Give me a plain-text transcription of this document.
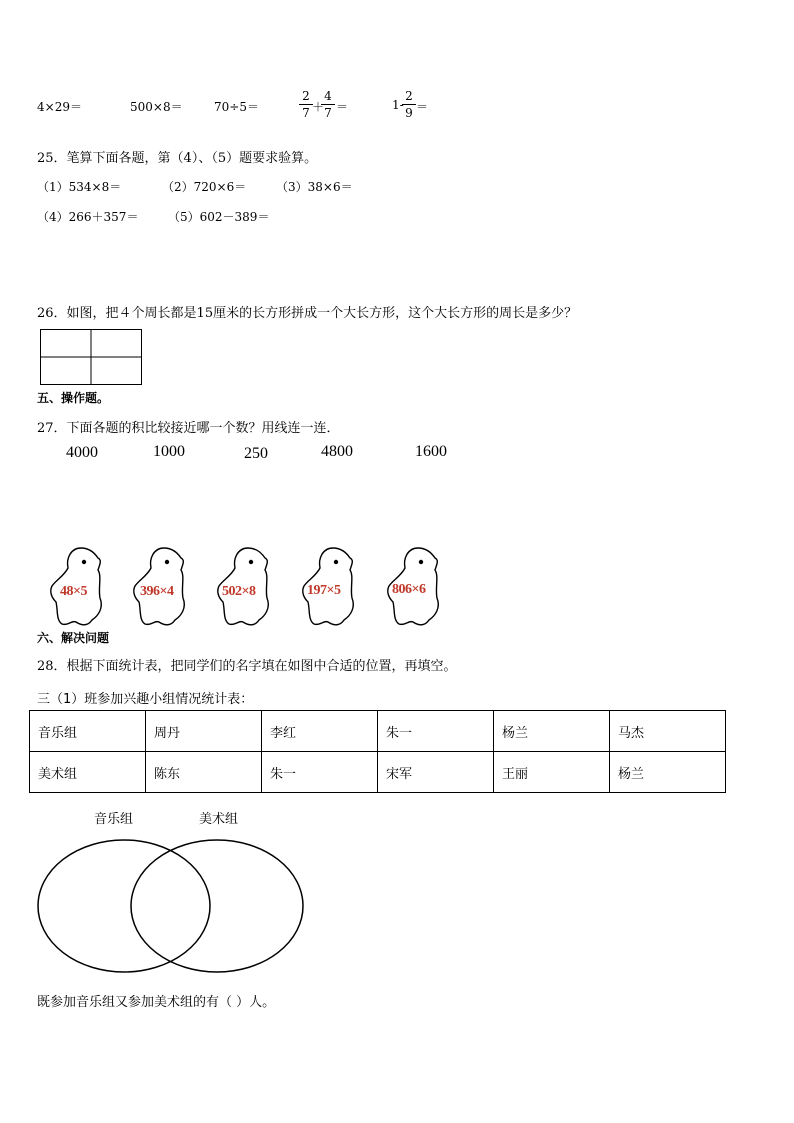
4×29＝	500×8＝	70÷5＝
2
7 ＋
4
7 ＝	1-
2
9 ＝
25．笔算下面各题，第（4）、（5）题要求验算。
（1）534×8＝	（2）720×6＝ （3）38×6＝
（4）266＋357＝ （5）602－389＝
26．如图，把４个周长都是15厘米的长方形拼成一个大长方形，这个大长方形的周长是多少？
五、操作题。
27．下面各题的积比较接近哪一个数？用线连一连．
4000	1000	250	4800	1600
48×5	396×4	502×8	197×5	806×6
六、解决问题
28．根据下面统计表，把同学们的名字填在如图中合适的位置，再填空。
三（1）班参加兴趣小组情况统计表：
音乐组	周丹	李红	朱一	杨兰	马杰
美术组	陈东	朱一	宋军	王丽	杨兰
音乐组	美术组
既参加音乐组又参加美术组的有（ ）人。
